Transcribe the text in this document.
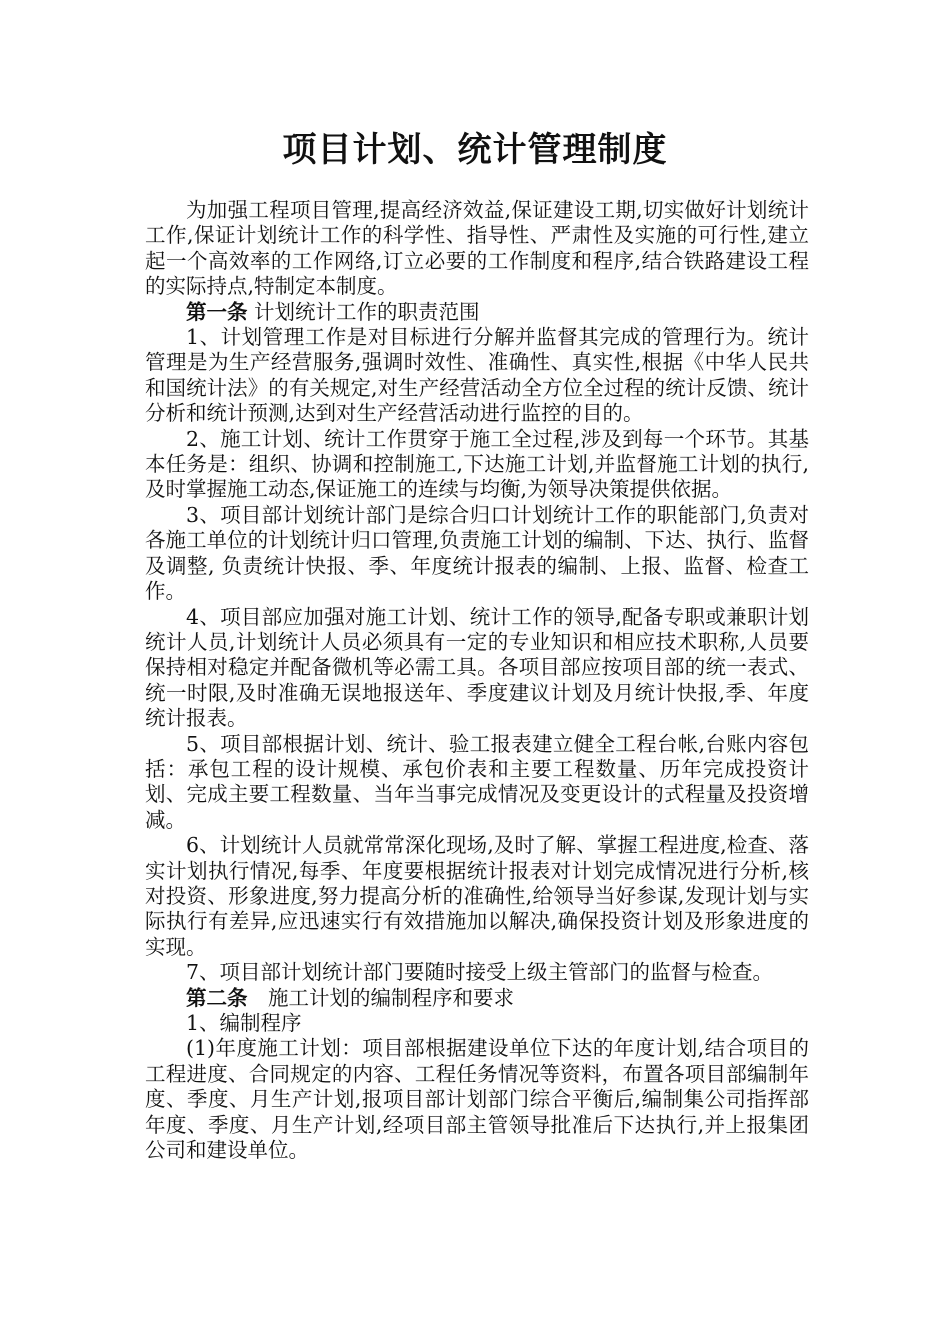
项目计划、统计管理制度

为加强工程项目管理,提高经济效益,保证建设工期,切实做好计划统计工作,保证计划统计工作的科学性、指导性、严肃性及实施的可行性,建立起一个高效率的工作网络,订立必要的工作制度和程序,结合铁路建设工程的实际持点,特制定本制度。

第一条 计划统计工作的职责范围

1、计划管理工作是对目标进行分解并监督其完成的管理行为。统计管理是为生产经营服务,强调时效性、准确性、真实性,根据《中华人民共和国统计法》的有关规定,对生产经营活动全方位全过程的统计反馈、统计分析和统计预测,达到对生产经营活动进行监控的目的。

2、施工计划、统计工作贯穿于施工全过程,涉及到每一个环节。其基本任务是：组织、协调和控制施工,下达施工计划,并监督施工计划的执行,及时掌握施工动态,保证施工的连续与均衡,为领导决策提供依据。

3、项目部计划统计部门是综合归口计划统计工作的职能部门,负责对各施工单位的计划统计归口管理,负责施工计划的编制、下达、执行、监督及调整, 负责统计快报、季、年度统计报表的编制、上报、监督、检查工作。

4、项目部应加强对施工计划、统计工作的领导,配备专职或兼职计划统计人员,计划统计人员必须具有一定的专业知识和相应技术职称,人员要保持相对稳定并配备微机等必需工具。各项目部应按项目部的统一表式、统一时限,及时准确无误地报送年、季度建议计划及月统计快报,季、年度统计报表。

5、项目部根据计划、统计、验工报表建立健全工程台帐,台账内容包括：承包工程的设计规模、承包价表和主要工程数量、历年完成投资计划、完成主要工程数量、当年当事完成情况及变更设计的式程量及投资增减。

6、计划统计人员就常常深化现场,及时了解、掌握工程进度,检查、落实计划执行情况,每季、年度要根据统计报表对计划完成情况进行分析,核对投资、形象进度,努力提高分析的准确性,给领导当好参谋,发现计划与实际执行有差异,应迅速实行有效措施加以解决,确保投资计划及形象进度的实现。

7、项目部计划统计部门要随时接受上级主管部门的监督与检查。

第二条　施工计划的编制程序和要求

1、编制程序

(1)年度施工计划：项目部根据建设单位下达的年度计划,结合项目的工程进度、合同规定的内容、工程任务情况等资料，布置各项目部编制年度、季度、月生产计划,报项目部计划部门综合平衡后,编制集公司指挥部年度、季度、月生产计划,经项目部主管领导批准后下达执行,并上报集团公司和建设单位。
